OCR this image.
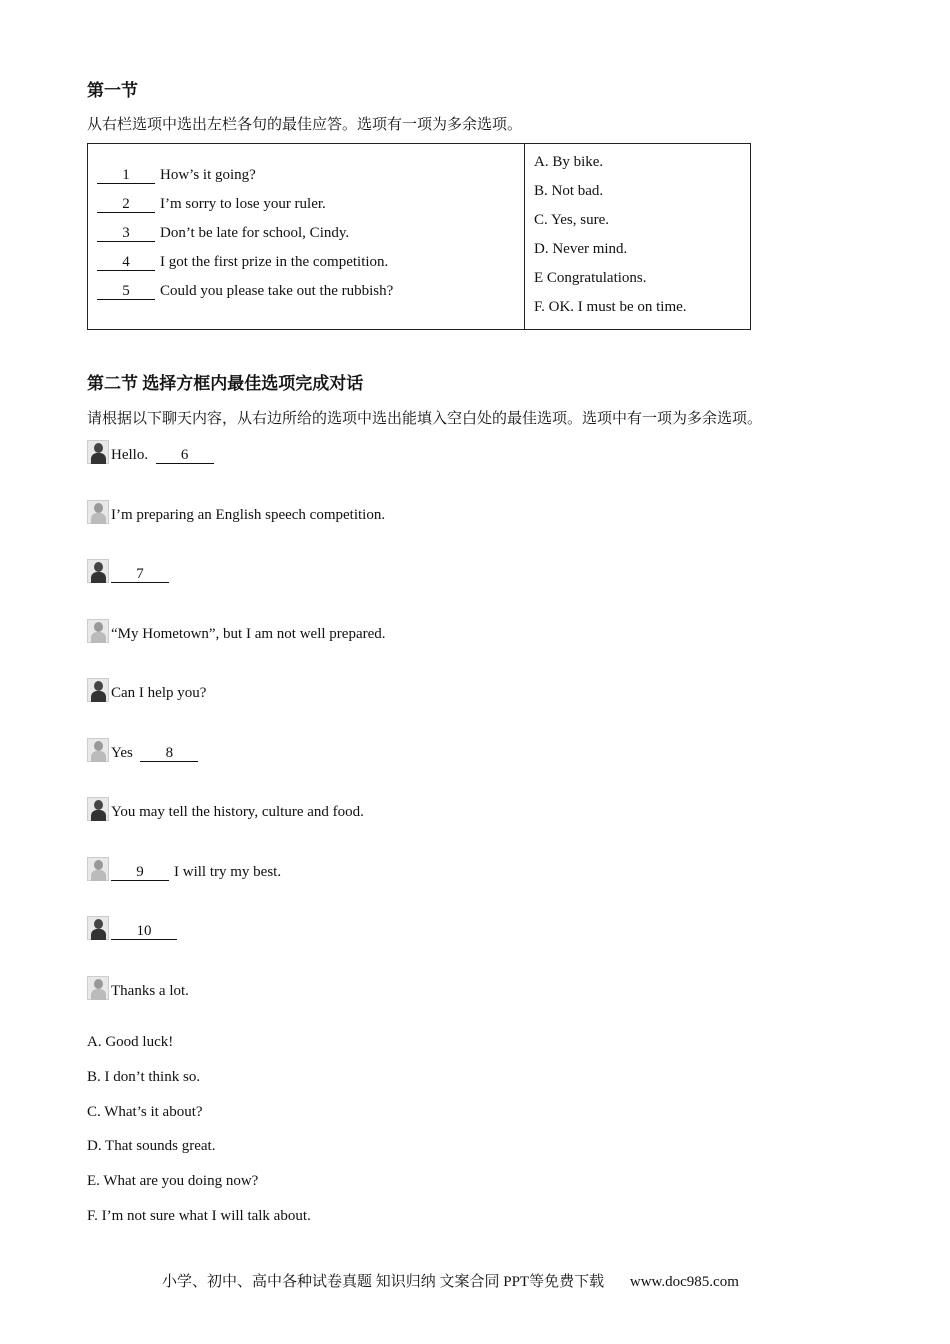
第一节
从右栏选项中选出左栏各句的最佳应答。选项有一项为多余选项。
1 How’s it going?
2 I’m sorry to lose your ruler.
3 Don’t be late for school, Cindy.
4 I got the first prize in the competition.
5 Could you please take out the rubbish?

A. By bike.
B. Not bad.
C. Yes, sure.
D. Never mind.
E Congratulations.
F. OK. I must be on time.
第二节 选择方框内最佳选项完成对话
请根据以下聊天内容，从右边所给的选项中选出能填入空白处的最佳选项。选项中有一项为多余选项。
Hello. 6
I’m preparing an English speech competition.
7
“My Hometown”, but I am not well prepared.
Can I help you?
Yes 8
You may tell the history, culture and food.
9 I will try my best.
10
Thanks a lot.
A. Good luck!
B. I don’t think so.
C. What’s it about?
D. That sounds great.
E. What are you doing now?
F. I’m not sure what I will talk about.
小学、初中、高中各种试卷真题 知识归纳 文案合同 PPT等免费下载 www.doc985.com
